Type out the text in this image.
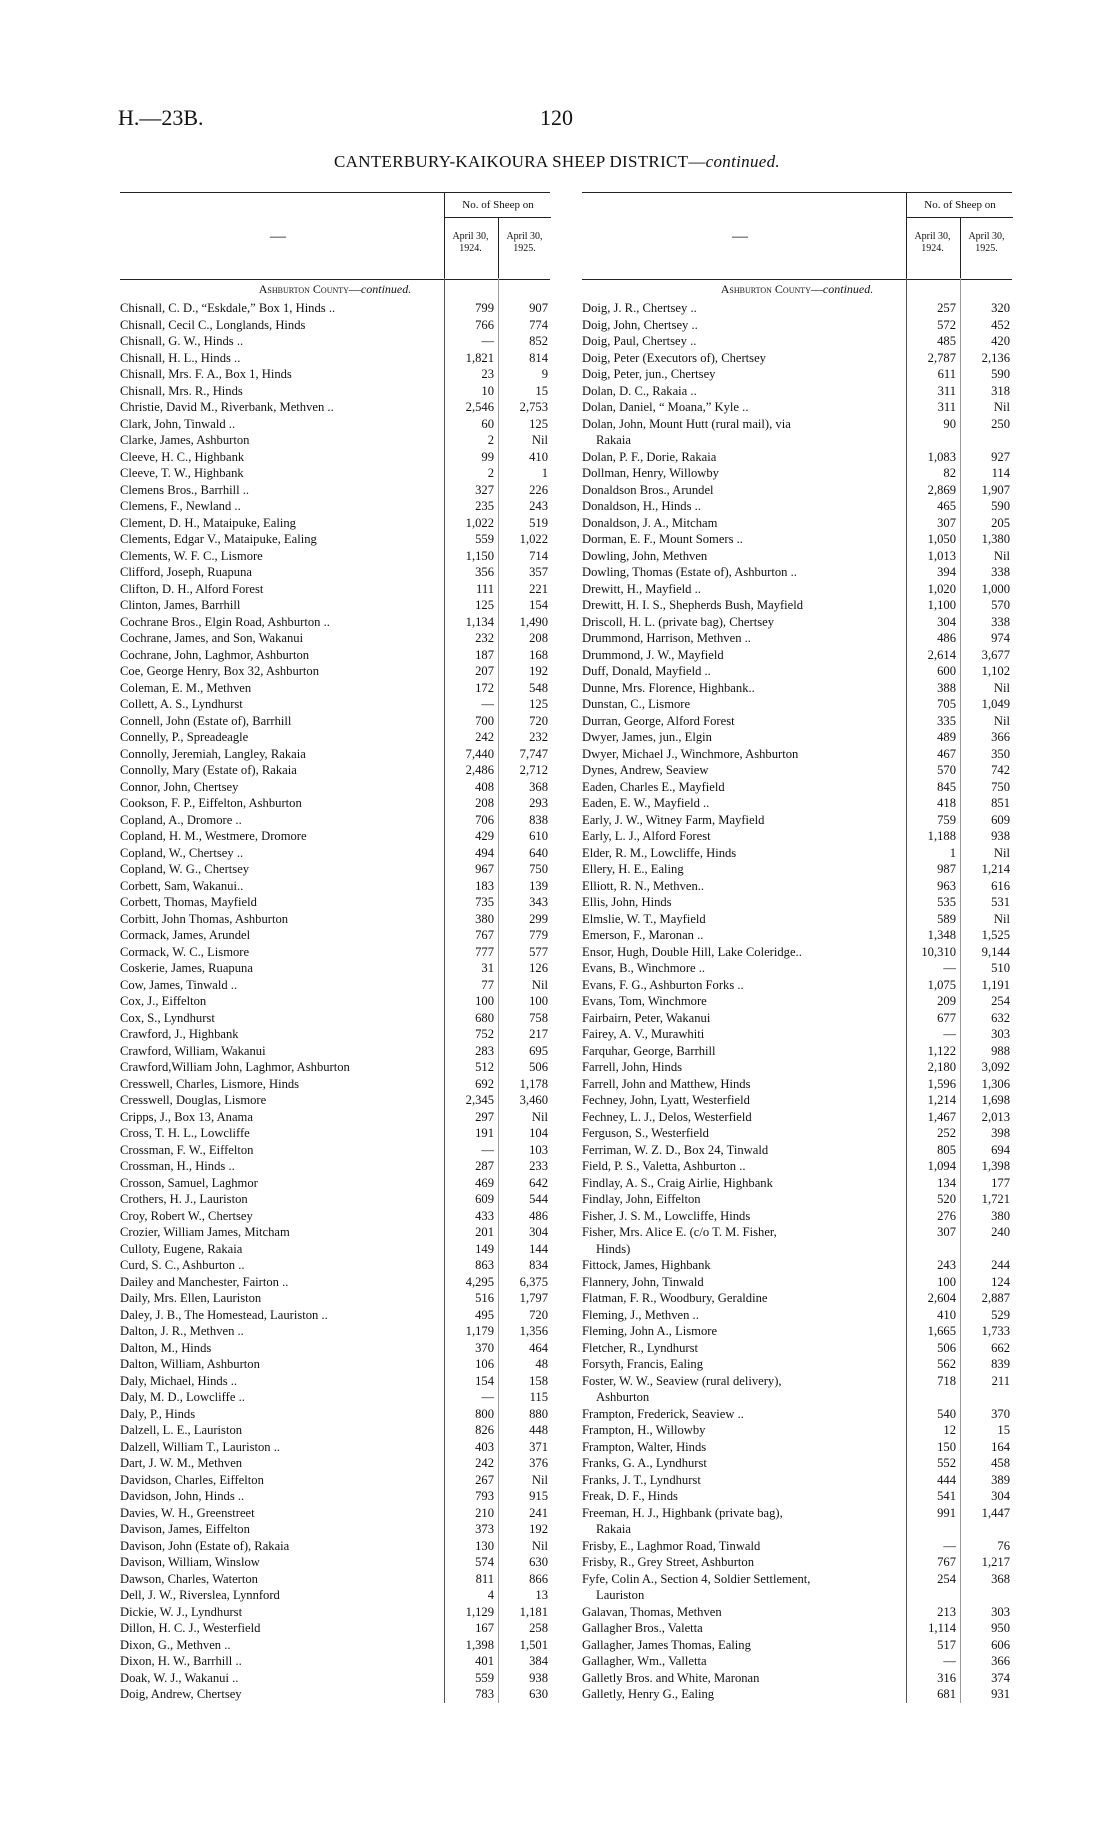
H.—23B.	120
CANTERBURY-KAIKOURA SHEEP DISTRICT—continued.
—
No. of Sheep on
April 30, 1924.
April 30, 1925.
Ashburton County—continued.
Chisnall, C. D., “Eskdale,” Box 1, Hinds ..	799	907
Chisnall, Cecil C., Longlands, Hinds	766	774
Chisnall, G. W., Hinds ..	—	852
Chisnall, H. L., Hinds ..	1,821	814
Chisnall, Mrs. F. A., Box 1, Hinds	23	9
Chisnall, Mrs. R., Hinds	10	15
Christie, David M., Riverbank, Methven ..	2,546	2,753
Clark, John, Tinwald ..	60	125
Clarke, James, Ashburton	2	Nil
Cleeve, H. C., Highbank	99	410
Cleeve, T. W., Highbank	2	1
Clemens Bros., Barrhill ..	327	226
Clemens, F., Newland ..	235	243
Clement, D. H., Mataipuke, Ealing	1,022	519
Clements, Edgar V., Mataipuke, Ealing	559	1,022
Clements, W. F. C., Lismore	1,150	714
Clifford, Joseph, Ruapuna	356	357
Clifton, D. H., Alford Forest	111	221
Clinton, James, Barrhill	125	154
Cochrane Bros., Elgin Road, Ashburton ..	1,134	1,490
Cochrane, James, and Son, Wakanui	232	208
Cochrane, John, Laghmor, Ashburton	187	168
Coe, George Henry, Box 32, Ashburton	207	192
Coleman, E. M., Methven	172	548
Collett, A. S., Lyndhurst	—	125
Connell, John (Estate of), Barrhill	700	720
Connelly, P., Spreadeagle	242	232
Connolly, Jeremiah, Langley, Rakaia	7,440	7,747
Connolly, Mary (Estate of), Rakaia	2,486	2,712
Connor, John, Chertsey	408	368
Cookson, F. P., Eiffelton, Ashburton	208	293
Copland, A., Dromore ..	706	838
Copland, H. M., Westmere, Dromore	429	610
Copland, W., Chertsey ..	494	640
Copland, W. G., Chertsey	967	750
Corbett, Sam, Wakanui..	183	139
Corbett, Thomas, Mayfield	735	343
Corbitt, John Thomas, Ashburton	380	299
Cormack, James, Arundel	767	779
Cormack, W. C., Lismore	777	577
Coskerie, James, Ruapuna	31	126
Cow, James, Tinwald ..	77	Nil
Cox, J., Eiffelton	100	100
Cox, S., Lyndhurst	680	758
Crawford, J., Highbank	752	217
Crawford, William, Wakanui	283	695
Crawford,William John, Laghmor, Ashburton	512	506
Cresswell, Charles, Lismore, Hinds	692	1,178
Cresswell, Douglas, Lismore	2,345	3,460
Cripps, J., Box 13, Anama	297	Nil
Cross, T. H. L., Lowcliffe	191	104
Crossman, F. W., Eiffelton	—	103
Crossman, H., Hinds ..	287	233
Crosson, Samuel, Laghmor	469	642
Crothers, H. J., Lauriston	609	544
Croy, Robert W., Chertsey	433	486
Crozier, William James, Mitcham	201	304
Culloty, Eugene, Rakaia	149	144
Curd, S. C., Ashburton ..	863	834
Dailey and Manchester, Fairton ..	4,295	6,375
Daily, Mrs. Ellen, Lauriston	516	1,797
Daley, J. B., The Homestead, Lauriston ..	495	720
Dalton, J. R., Methven ..	1,179	1,356
Dalton, M., Hinds	370	464
Dalton, William, Ashburton	106	48
Daly, Michael, Hinds ..	154	158
Daly, M. D., Lowcliffe ..	—	115
Daly, P., Hinds	800	880
Dalzell, L. E., Lauriston	826	448
Dalzell, William T., Lauriston ..	403	371
Dart, J. W. M., Methven	242	376
Davidson, Charles, Eiffelton	267	Nil
Davidson, John, Hinds ..	793	915
Davies, W. H., Greenstreet	210	241
Davison, James, Eiffelton	373	192
Davison, John (Estate of), Rakaia	130	Nil
Davison, William, Winslow	574	630
Dawson, Charles, Waterton	811	866
Dell, J. W., Riverslea, Lynnford	4	13
Dickie, W. J., Lyndhurst	1,129	1,181
Dillon, H. C. J., Westerfield	167	258
Dixon, G., Methven ..	1,398	1,501
Dixon, H. W., Barrhill ..	401	384
Doak, W. J., Wakanui ..	559	938
Doig, Andrew, Chertsey	783	630
—
No. of Sheep on
April 30, 1924.
April 30, 1925.
Ashburton County—continued.
Doig, J. R., Chertsey ..	257	320
Doig, John, Chertsey ..	572	452
Doig, Paul, Chertsey ..	485	420
Doig, Peter (Executors of), Chertsey	2,787	2,136
Doig, Peter, jun., Chertsey	611	590
Dolan, D. C., Rakaia ..	311	318
Dolan, Daniel, “ Moana,” Kyle ..	311	Nil
Dolan, John, Mount Hutt (rural mail), via	90	250
Rakaia
Dolan, P. F., Dorie, Rakaia	1,083	927
Dollman, Henry, Willowby	82	114
Donaldson Bros., Arundel	2,869	1,907
Donaldson, H., Hinds ..	465	590
Donaldson, J. A., Mitcham	307	205
Dorman, E. F., Mount Somers ..	1,050	1,380
Dowling, John, Methven	1,013	Nil
Dowling, Thomas (Estate of), Ashburton ..	394	338
Drewitt, H., Mayfield ..	1,020	1,000
Drewitt, H. I. S., Shepherds Bush, Mayfield	1,100	570
Driscoll, H. L. (private bag), Chertsey	304	338
Drummond, Harrison, Methven ..	486	974
Drummond, J. W., Mayfield	2,614	3,677
Duff, Donald, Mayfield ..	600	1,102
Dunne, Mrs. Florence, Highbank..	388	Nil
Dunstan, C., Lismore	705	1,049
Durran, George, Alford Forest	335	Nil
Dwyer, James, jun., Elgin	489	366
Dwyer, Michael J., Winchmore, Ashburton	467	350
Dynes, Andrew, Seaview	570	742
Eaden, Charles E., Mayfield	845	750
Eaden, E. W., Mayfield ..	418	851
Early, J. W., Witney Farm, Mayfield	759	609
Early, L. J., Alford Forest	1,188	938
Elder, R. M., Lowcliffe, Hinds	1	Nil
Ellery, H. E., Ealing	987	1,214
Elliott, R. N., Methven..	963	616
Ellis, John, Hinds	535	531
Elmslie, W. T., Mayfield	589	Nil
Emerson, F., Maronan ..	1,348	1,525
Ensor, Hugh, Double Hill, Lake Coleridge..	10,310	9,144
Evans, B., Winchmore ..	—	510
Evans, F. G., Ashburton Forks ..	1,075	1,191
Evans, Tom, Winchmore	209	254
Fairbairn, Peter, Wakanui	677	632
Fairey, A. V., Murawhiti	—	303
Farquhar, George, Barrhill	1,122	988
Farrell, John, Hinds	2,180	3,092
Farrell, John and Matthew, Hinds	1,596	1,306
Fechney, John, Lyatt, Westerfield	1,214	1,698
Fechney, L. J., Delos, Westerfield	1,467	2,013
Ferguson, S., Westerfield	252	398
Ferriman, W. Z. D., Box 24, Tinwald	805	694
Field, P. S., Valetta, Ashburton ..	1,094	1,398
Findlay, A. S., Craig Airlie, Highbank	134	177
Findlay, John, Eiffelton	520	1,721
Fisher, J. S. M., Lowcliffe, Hinds	276	380
Fisher, Mrs. Alice E. (c/o T. M. Fisher,	307	240
Hinds)
Fittock, James, Highbank	243	244
Flannery, John, Tinwald	100	124
Flatman, F. R., Woodbury, Geraldine	2,604	2,887
Fleming, J., Methven ..	410	529
Fleming, John A., Lismore	1,665	1,733
Fletcher, R., Lyndhurst	506	662
Forsyth, Francis, Ealing	562	839
Foster, W. W., Seaview (rural delivery),	718	211
Ashburton
Frampton, Frederick, Seaview ..	540	370
Frampton, H., Willowby	12	15
Frampton, Walter, Hinds	150	164
Franks, G. A., Lyndhurst	552	458
Franks, J. T., Lyndhurst	444	389
Freak, D. F., Hinds	541	304
Freeman, H. J., Highbank (private bag),	991	1,447
Rakaia
Frisby, E., Laghmor Road, Tinwald	—	76
Frisby, R., Grey Street, Ashburton	767	1,217
Fyfe, Colin A., Section 4, Soldier Settlement,	254	368
Lauriston
Galavan, Thomas, Methven	213	303
Gallagher Bros., Valetta	1,114	950
Gallagher, James Thomas, Ealing	517	606
Gallagher, Wm., Valletta	—	366
Galletly Bros. and White, Maronan	316	374
Galletly, Henry G., Ealing	681	931
